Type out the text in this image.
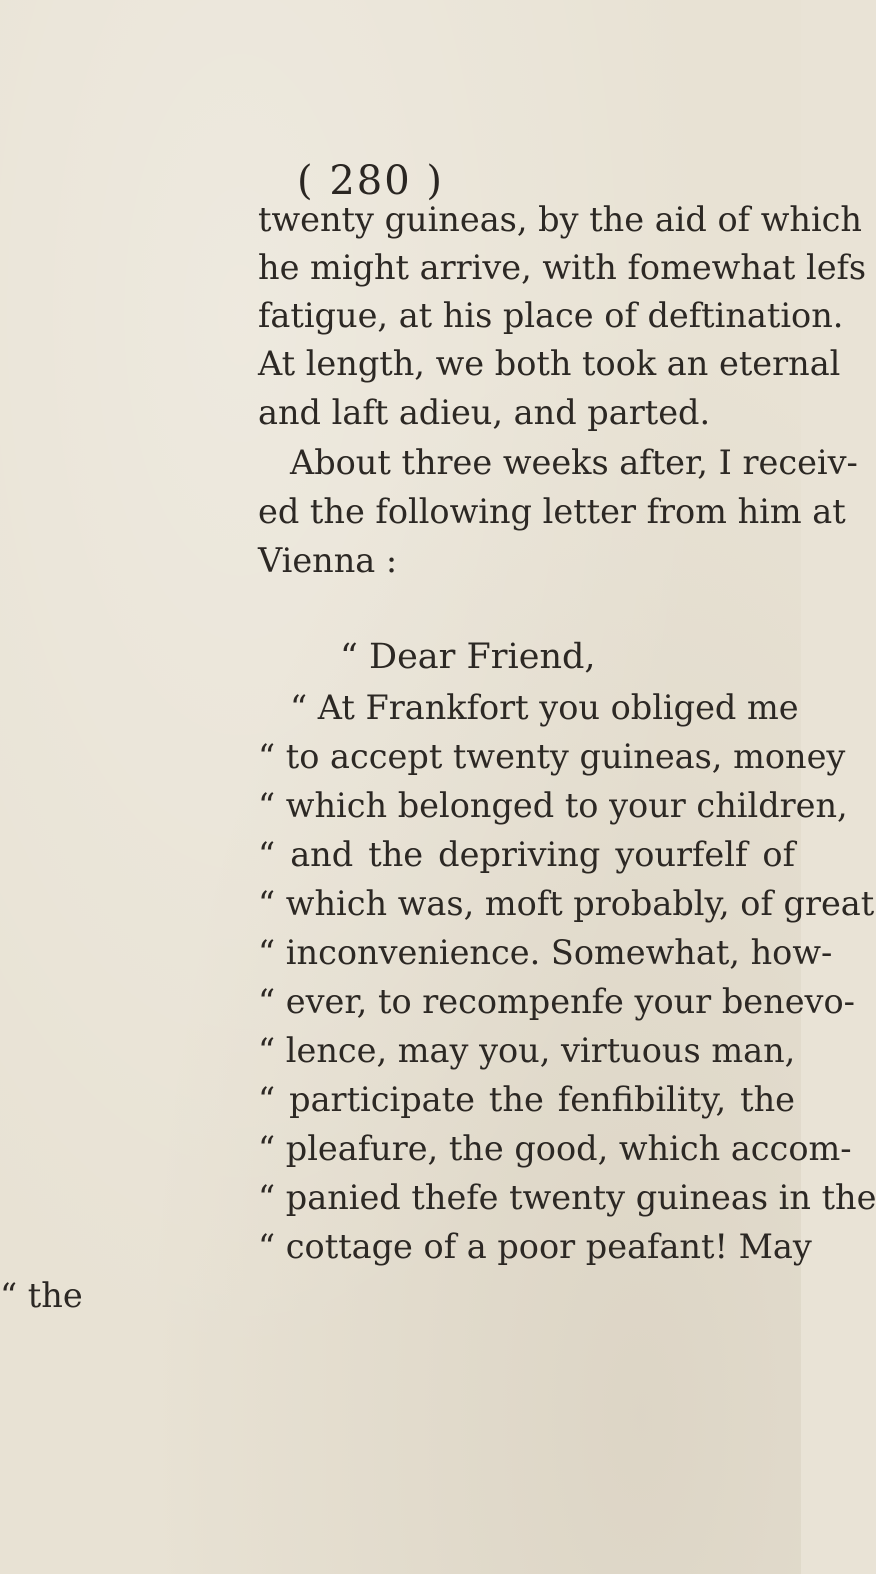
( 280 )
twenty guineas, by the aid of which
he might arrive, with fomewhat lefs
fatigue, at his place of deftination.
At length, we both took an eternal
and laft adieu, and parted.
About three weeks after, I receiv-
ed the following letter from him at
Vienna :
“ Dear Friend,
“ At Frankfort you obliged me
“ to accept twenty guineas, money
“ which belonged to your children,
“ and the depriving yourfelf of
“ which was, moft probably, of great
“ inconvenience. Somewhat, how-
“ ever, to recompenfe your benevo-
“ lence, may you, virtuous man,
“ participate the fenfibility, the
“ pleafure, the good, which accom-
“ panied thefe twenty guineas in the
“ cottage of a poor peafant! May
“ the
